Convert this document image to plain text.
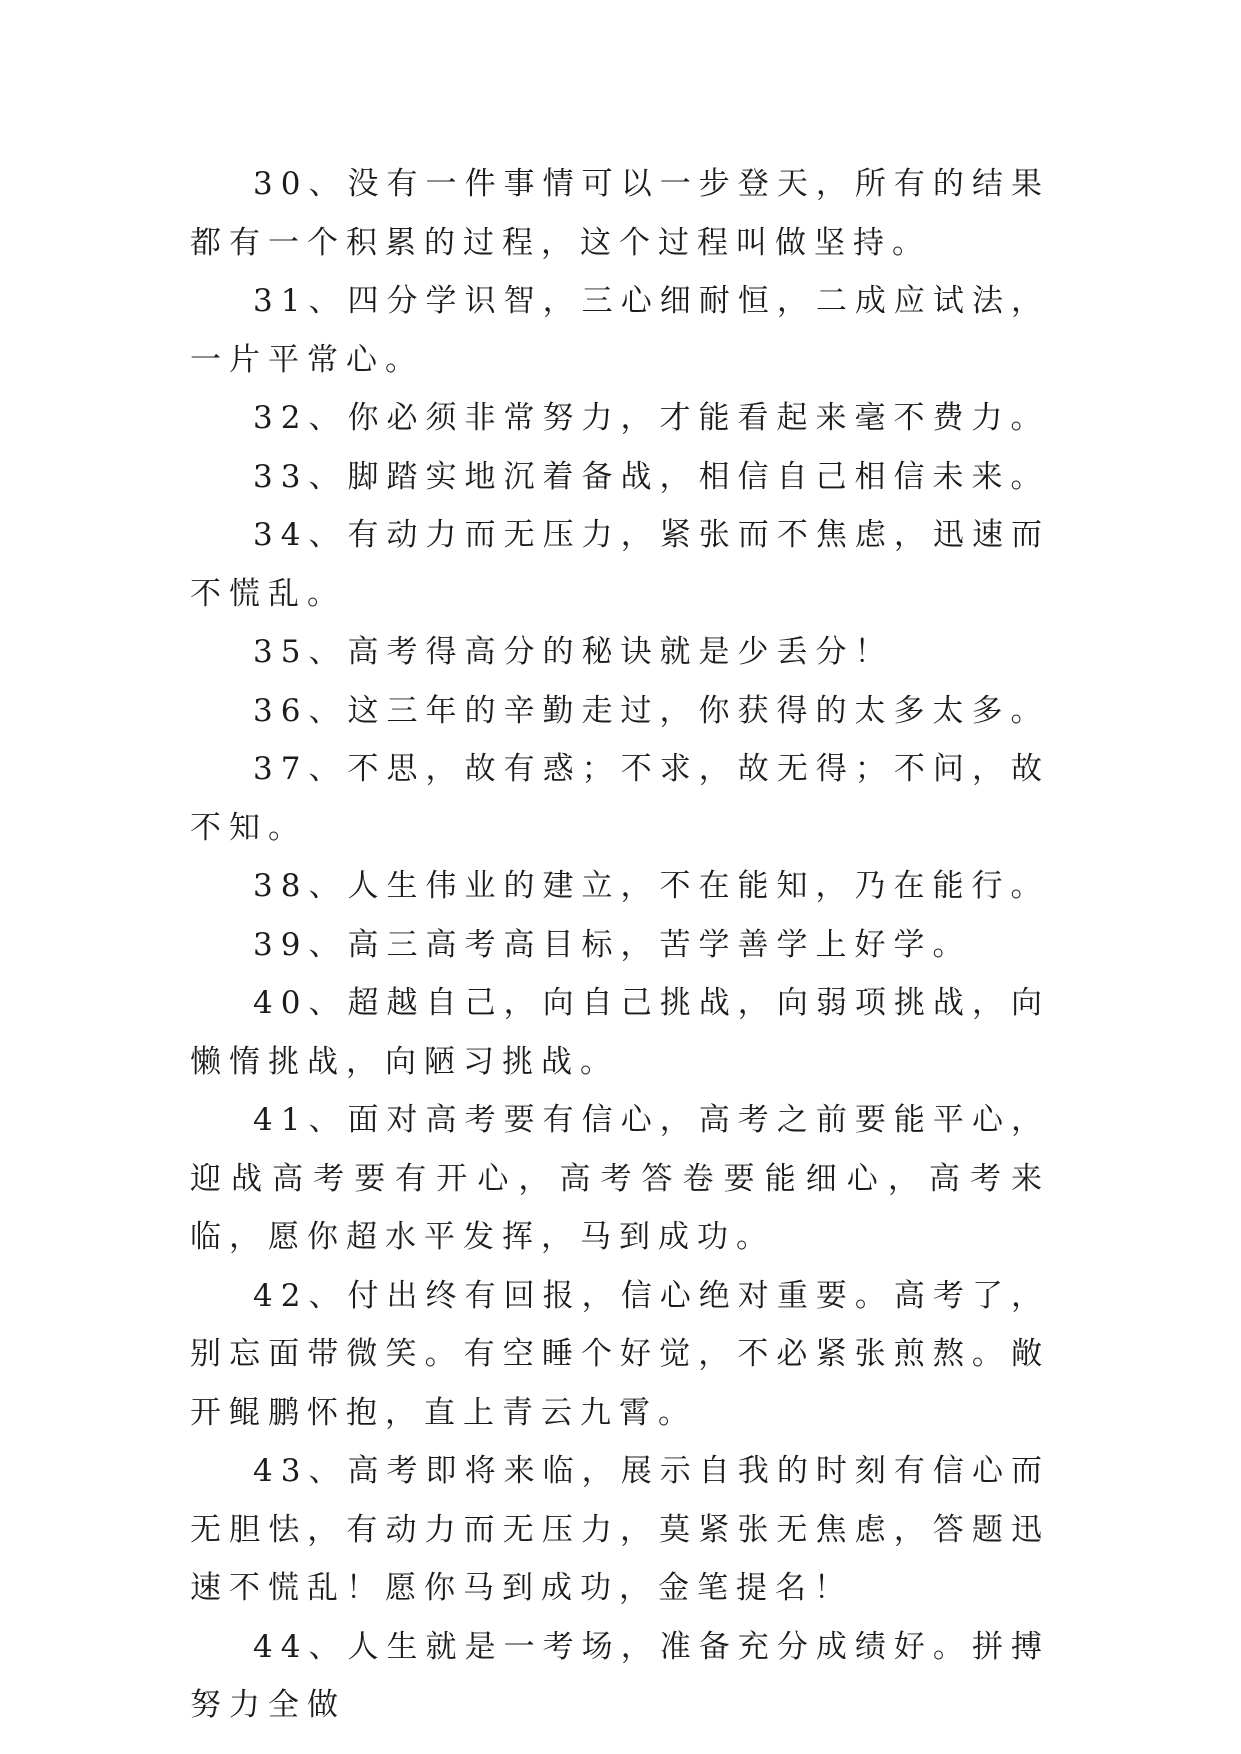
30、没有一件事情可以一步登天，所有的结果都有一个积累的过程，这个过程叫做坚持。

31、四分学识智，三心细耐恒，二成应试法，一片平常心。

32、你必须非常努力，才能看起来毫不费力。

33、脚踏实地沉着备战，相信自己相信未来。

34、有动力而无压力，紧张而不焦虑，迅速而不慌乱。

35、高考得高分的秘诀就是少丢分！

36、这三年的辛勤走过，你获得的太多太多。

37、不思，故有惑；不求，故无得；不问，故不知。

38、人生伟业的建立，不在能知，乃在能行。

39、高三高考高目标，苦学善学上好学。

40、超越自己，向自己挑战，向弱项挑战，向懒惰挑战，向陋习挑战。

41、面对高考要有信心，高考之前要能平心，迎战高考要有开心，高考答卷要能细心，高考来临，愿你超水平发挥，马到成功。

42、付出终有回报，信心绝对重要。高考了，别忘面带微笑。有空睡个好觉，不必紧张煎熬。敞开鲲鹏怀抱，直上青云九霄。

43、高考即将来临，展示自我的时刻有信心而无胆怯，有动力而无压力，莫紧张无焦虑，答题迅速不慌乱！愿你马到成功，金笔提名！

44、人生就是一考场，准备充分成绩好。拼搏努力全做
